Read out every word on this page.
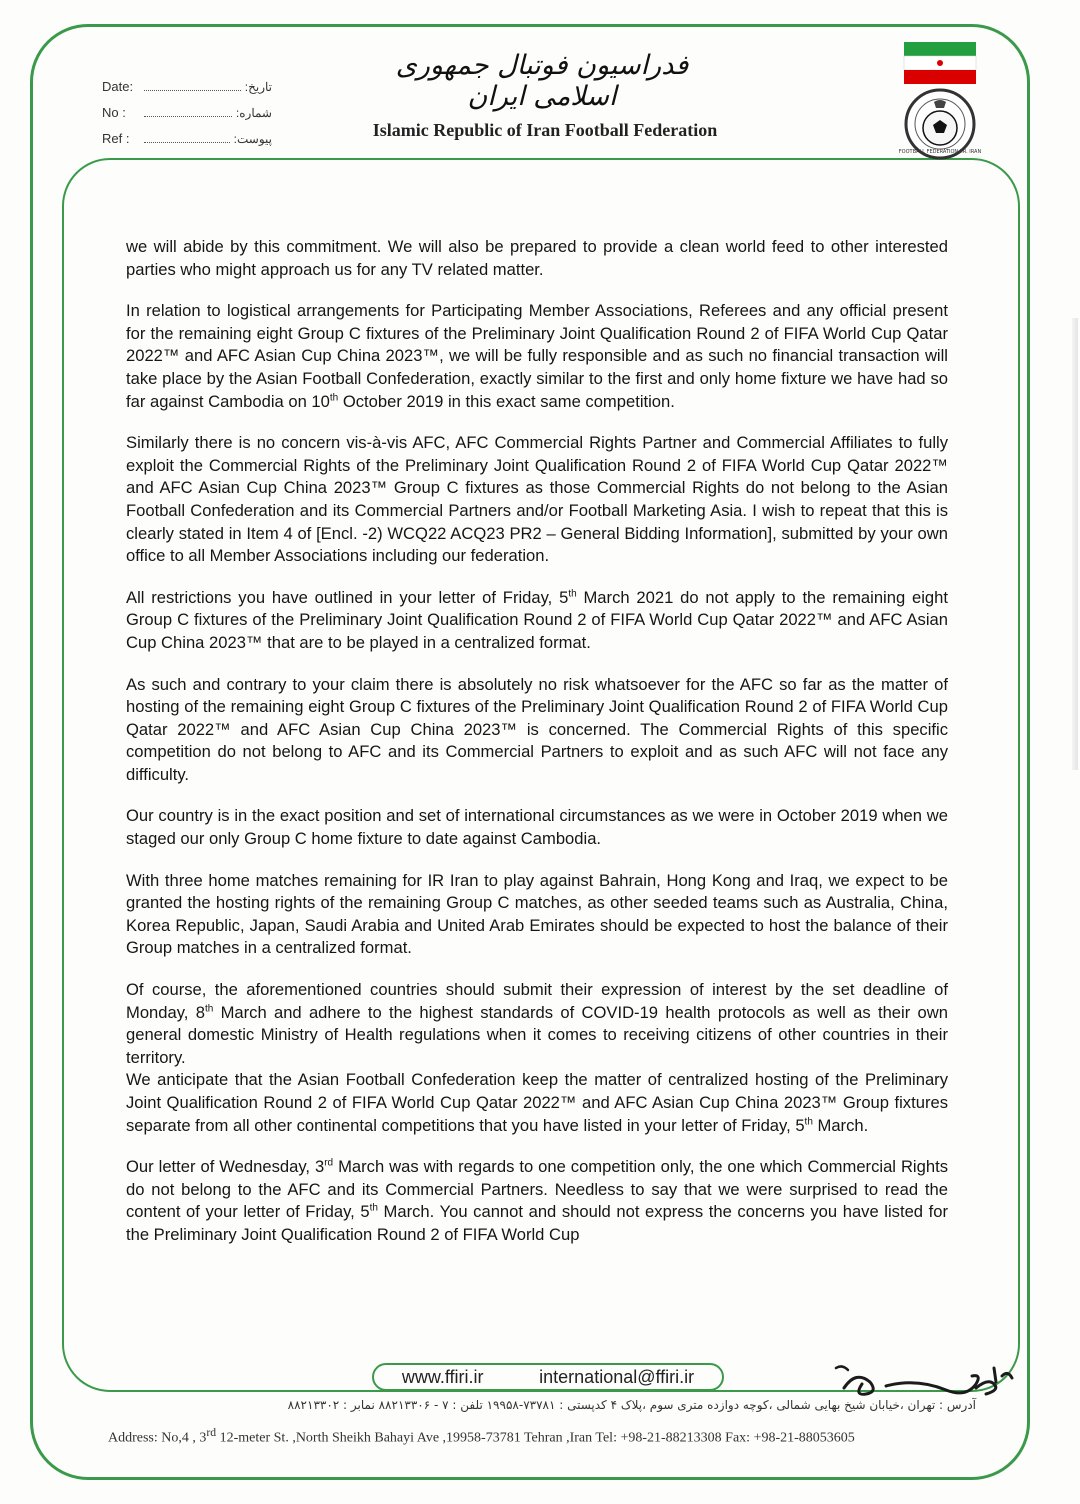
Date:	تاریخ:
No :	شماره:
Ref :	پیوست:
فدراسیون فوتبال جمهوری اسلامی ایران
Islamic Republic of Iran Football Federation
FOOTBALL FEDERATION I.R. IRAN

we will abide by this commitment. We will also be prepared to provide a clean world feed to other interested parties who might approach us for any TV related matter.

In relation to logistical arrangements for Participating Member Associations, Referees and any official present for the remaining eight Group C fixtures of the Preliminary Joint Qualification Round 2 of FIFA World Cup Qatar 2022™ and AFC Asian Cup China 2023™, we will be fully responsible and as such no financial transaction will take place by the Asian Football Confederation, exactly similar to the first and only home fixture we have had so far against Cambodia on 10th October 2019 in this exact same competition.

Similarly there is no concern vis-à-vis AFC, AFC Commercial Rights Partner and Commercial Affiliates to fully exploit the Commercial Rights of the Preliminary Joint Qualification Round 2 of FIFA World Cup Qatar 2022™ and AFC Asian Cup China 2023™ Group C fixtures as those Commercial Rights do not belong to the Asian Football Confederation and its Commercial Partners and/or Football Marketing Asia. I wish to repeat that this is clearly stated in Item 4 of [Encl. -2) WCQ22 ACQ23 PR2 – General Bidding Information], submitted by your own office to all Member Associations including our federation.

All restrictions you have outlined in your letter of Friday, 5th March 2021 do not apply to the remaining eight Group C fixtures of the Preliminary Joint Qualification Round 2 of FIFA World Cup Qatar 2022™ and AFC Asian Cup China 2023™ that are to be played in a centralized format.

As such and contrary to your claim there is absolutely no risk whatsoever for the AFC so far as the matter of hosting of the remaining eight Group C fixtures of the Preliminary Joint Qualification Round 2 of FIFA World Cup Qatar 2022™ and AFC Asian Cup China 2023™ is concerned. The Commercial Rights of this specific competition do not belong to AFC and its Commercial Partners to exploit and as such AFC will not face any difficulty.

Our country is in the exact position and set of international circumstances as we were in October 2019 when we staged our only Group C home fixture to date against Cambodia.

With three home matches remaining for IR Iran to play against Bahrain, Hong Kong and Iraq, we expect to be granted the hosting rights of the remaining Group C matches, as other seeded teams such as Australia, China, Korea Republic, Japan, Saudi Arabia and United Arab Emirates should be expected to host the balance of their Group matches in a centralized format.

Of course, the aforementioned countries should submit their expression of interest by the set deadline of Monday, 8th March and adhere to the highest standards of COVID-19 health protocols as well as their own general domestic Ministry of Health regulations when it comes to receiving citizens of other countries in their territory.

We anticipate that the Asian Football Confederation keep the matter of centralized hosting of the Preliminary Joint Qualification Round 2 of FIFA World Cup Qatar 2022™ and AFC Asian Cup China 2023™ Group fixtures separate from all other continental competitions that you have listed in your letter of Friday, 5th March.

Our letter of Wednesday, 3rd March was with regards to one competition only, the one which Commercial Rights do not belong to the AFC and its Commercial Partners. Needless to say that we were surprised to read the content of your letter of Friday, 5th March. You cannot and should not express the concerns you have listed for the Preliminary Joint Qualification Round 2 of FIFA World Cup

www.ffiri.ir	international@ffiri.ir
آدرس : تهران ،خیابان شیخ بهایی شمالی ،کوچه دوازده متری سوم ،پلاک ۴ کدپستی : ۷۳۷۸۱-۱۹۹۵۸ تلفن : ۷ - ۸۸۲۱۳۳۰۶ نمابر : ۸۸۲۱۳۳۰۲
Address: No,4 , 3rd 12-meter St. ,North Sheikh Bahayi Ave ,19958-73781 Tehran ,Iran Tel: +98-21-88213308 Fax: +98-21-88053605
